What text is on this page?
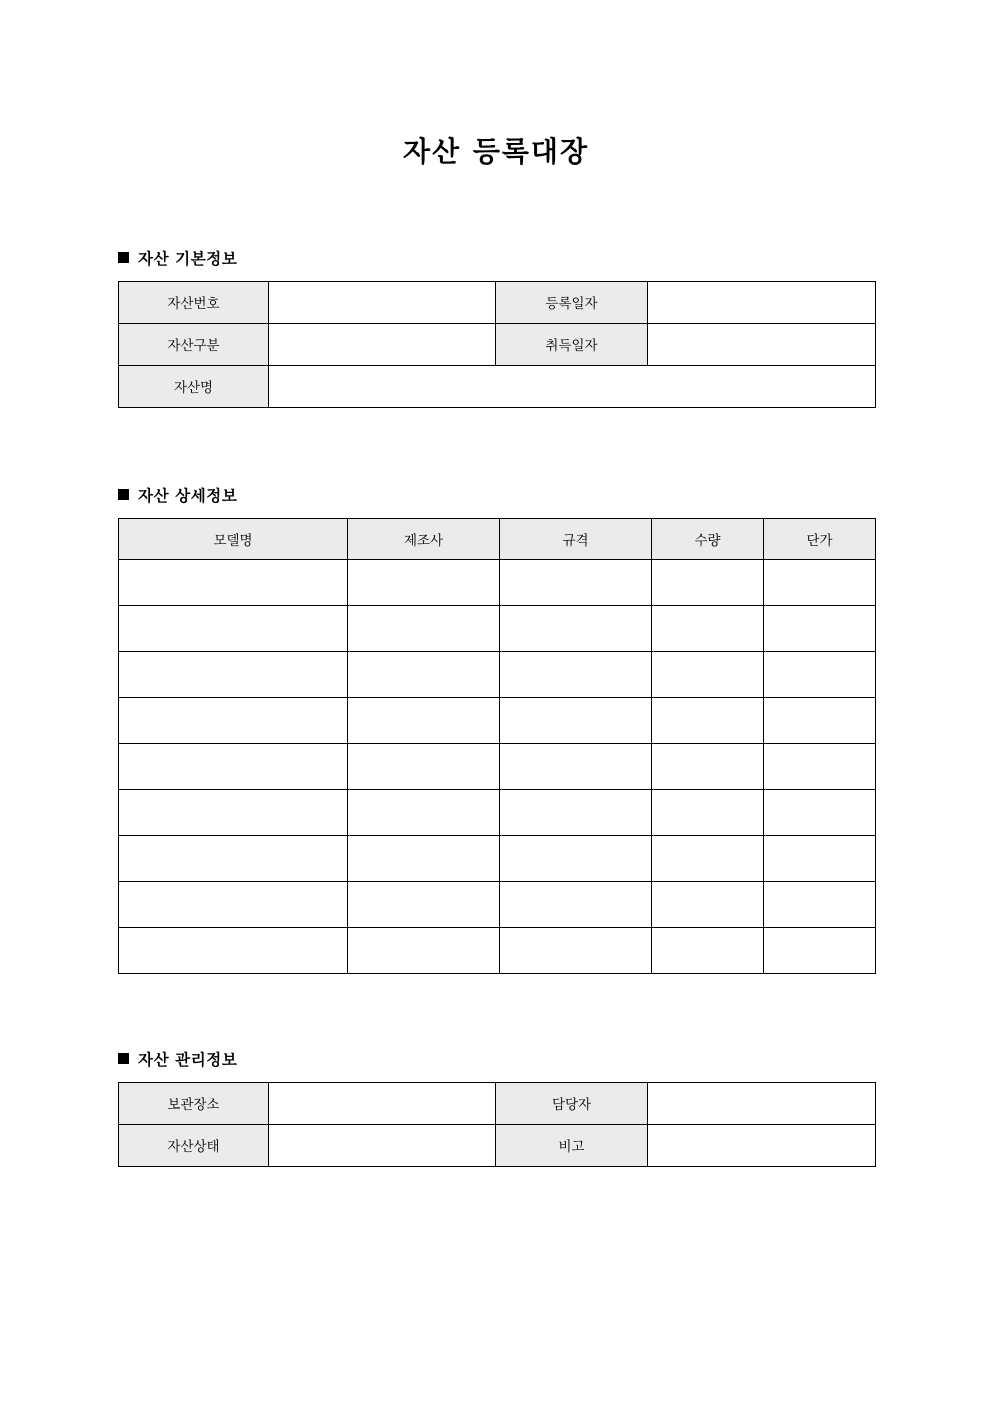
자산 등록대장
자산 기본정보
자산번호		등록일자	
자산구분		취득일자	
자산명			
자산 상세정보
모델명	제조사	규격	수량	단가

자산 관리정보
보관장소		담당자	
자산상태		비고	
